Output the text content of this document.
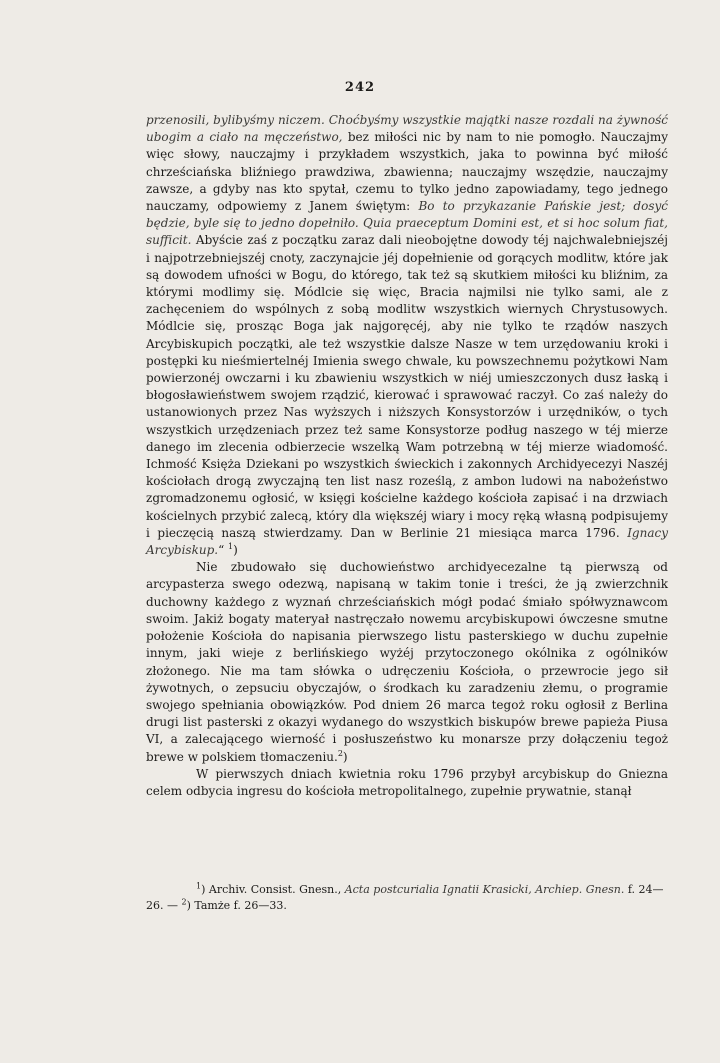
242

przenosili, bylibyśmy niczem. Choćbyśmy wszystkie majątki nasze rozdali na żywność ubogim a ciało na męczeństwo, bez miłości nic by nam to nie pomogło. Nauczajmy więc słowy, nauczajmy i przykładem wszystkich, jaka to powinna być miłość chrześciańska bliźniego prawdziwa, zbawienna; nauczajmy wszędzie, nauczajmy zawsze, a gdyby nas kto spytał, czemu to tylko jedno zapowiadamy, tego jednego nauczamy, odpowiemy z Janem świętym: Bo to przykazanie Pańskie jest; dosyć będzie, byle się to jedno dopełniło. Quia praeceptum Domini est, et si hoc solum fiat, sufficit. Abyście zaś z początku zaraz dali nieobojętne dowody téj najchwalebniejszéj i najpotrzebniejszéj cnoty, zaczynajcie jéj dopełnienie od gorących modlitw, które jak są dowodem ufności w Bogu, do którego, tak też są skutkiem miłości ku bliźnim, za którymi modlimy się. Módlcie się więc, Bracia najmilsi nie tylko sami, ale z zachęceniem do wspólnych z sobą modlitw wszystkich wiernych Chrystusowych. Módlcie się, prosząc Boga jak najgoręcéj, aby nie tylko te rządów naszych Arcybiskupich początki, ale też wszystkie dalsze Nasze w tem urzędowaniu kroki i postępki ku nieśmiertelnéj Imienia swego chwale, ku powszechnemu pożytkowi Nam powierzonéj owczarni i ku zbawieniu wszystkich w niéj umieszczonych dusz łaską i błogosławieństwem swojem rządzić, kierować i sprawować raczył. Co zaś należy do ustanowionych przez Nas wyższych i niższych Konsystorzów i urzędników, o tych wszystkich urzędzeniach przez też same Konsystorze podług naszego w téj mierze danego im zlecenia odbierzecie wszelką Wam potrzebną w téj mierze wiadomość. Ichmość Księża Dziekani po wszystkich świeckich i zakonnych Archidyecezyi Naszéj kościołach drogą zwyczajną ten list nasz roześlą, z ambon ludowi na nabożeństwo zgromadzonemu ogłosić, w księgi kościelne każdego kościoła zapisać i na drzwiach kościelnych przybić zalecą, który dla większéj wiary i mocy ręką własną podpisujemy i pieczęcią naszą stwierdzamy. Dan w Berlinie 21 miesiąca marca 1796. Ignacy Arcybiskup.“ $^1$)

Nie zbudowało się duchowieństwo archidyecezalne tą pierwszą od arcypasterza swego odezwą, napisaną w takim tonie i treści, że ją zwierzchnik duchowny każdego z wyznań chrześciańskich mógł podać śmiało spółwyznawcom swoim. Jakiż bogaty materyał nastręczało nowemu arcybiskupowi ówczesne smutne położenie Kościoła do napisania pierwszego listu pasterskiego w duchu zupełnie innym, jaki wieje z berlińskiego wyżéj przytoczonego okólnika z ogólników złożonego. Nie ma tam słówka o udręczeniu Kościoła, o przewrocie jego sił żywotnych, o zepsuciu obyczajów, o środkach ku zaradzeniu złemu, o programie swojego spełniania obowiązków. Pod dniem 26 marca tegoż roku ogłosił z Berlina drugi list pasterski z okazyi wydanego do wszystkich biskupów brewe papieża Piusa VI, a zalecającego wierność i posłuszeństwo ku monarsze przy dołączeniu tegoż brewe w polskiem tłomaczeniu.$^2$)

W pierwszych dniach kwietnia roku 1796 przybył arcybiskup do Gniezna celem odbycia ingresu do kościoła metropolitalnego, zupełnie prywatnie, stanął

$^1$) Archiv. Consist. Gnesn., Acta postcurialia Ignatii Krasicki, Archiep. Gnesn. f. 24—26. — $^2$) Tamże f. 26—33.
